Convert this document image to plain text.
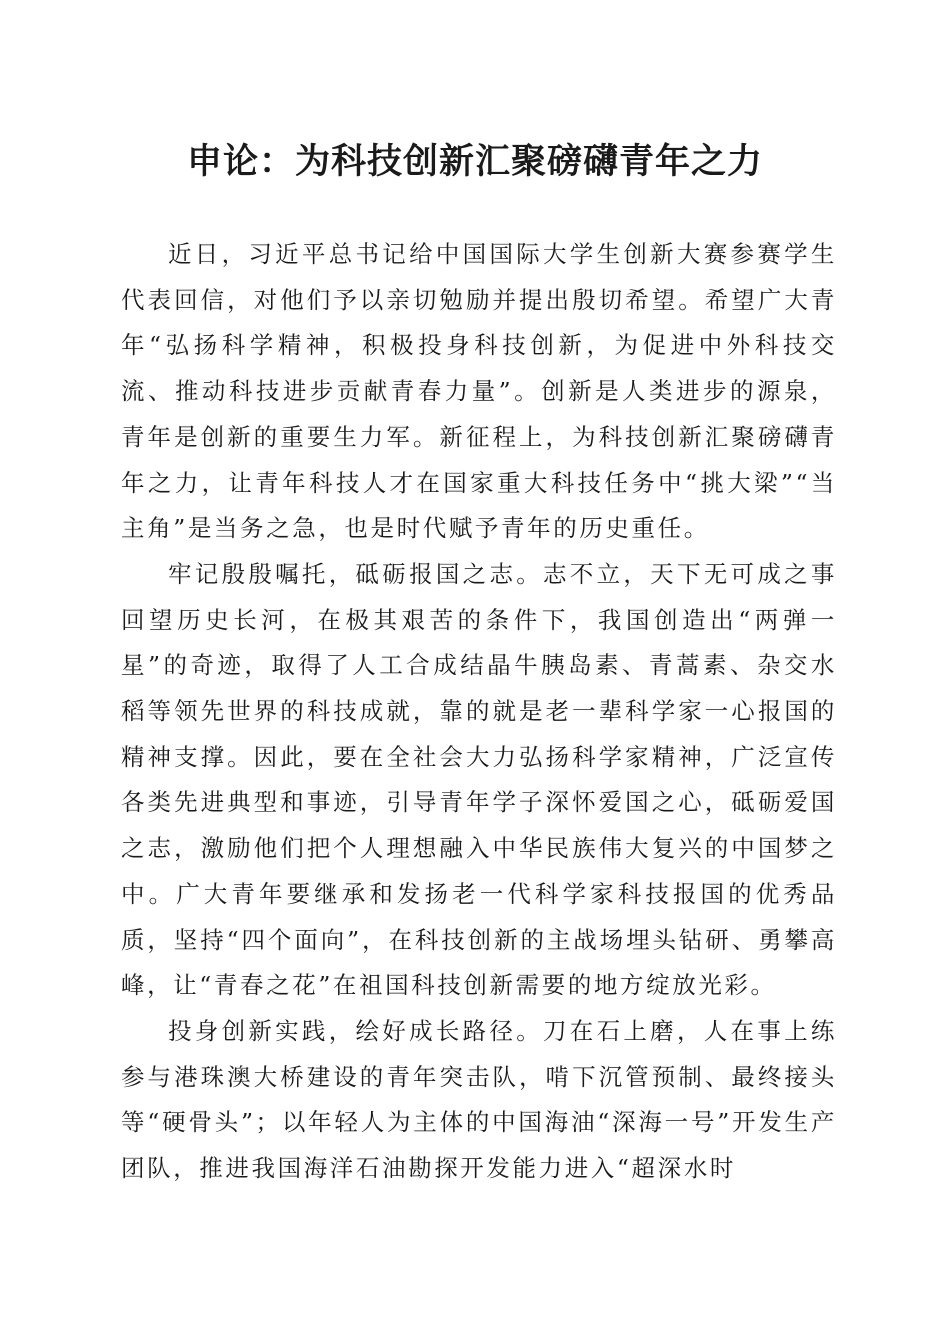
申论：为科技创新汇聚磅礴青年之力

近日，习近平总书记给中国国际大学生创新大赛参赛学生代表回信，对他们予以亲切勉励并提出殷切希望。希望广大青年“弘扬科学精神，积极投身科技创新，为促进中外科技交流、推动科技进步贡献青春力量”。创新是人类进步的源泉，青年是创新的重要生力军。新征程上，为科技创新汇聚磅礴青年之力，让青年科技人才在国家重大科技任务中“挑大梁”“当主角”是当务之急，也是时代赋予青年的历史重任。

牢记殷殷嘱托，砥砺报国之志。志不立，天下无可成之事回望历史长河，在极其艰苦的条件下，我国创造出“两弹一星”的奇迹，取得了人工合成结晶牛胰岛素、青蒿素、杂交水稻等领先世界的科技成就，靠的就是老一辈科学家一心报国的精神支撑。因此，要在全社会大力弘扬科学家精神，广泛宣传各类先进典型和事迹，引导青年学子深怀爱国之心，砥砺爱国之志，激励他们把个人理想融入中华民族伟大复兴的中国梦之中。广大青年要继承和发扬老一代科学家科技报国的优秀品质，坚持“四个面向”，在科技创新的主战场埋头钻研、勇攀高峰，让“青春之花”在祖国科技创新需要的地方绽放光彩。

投身创新实践，绘好成长路径。刀在石上磨，人在事上练参与港珠澳大桥建设的青年突击队，啃下沉管预制、最终接头等“硬骨头”；以年轻人为主体的中国海油“深海一号”开发生产团队，推进我国海洋石油勘探开发能力进入“超深水时
